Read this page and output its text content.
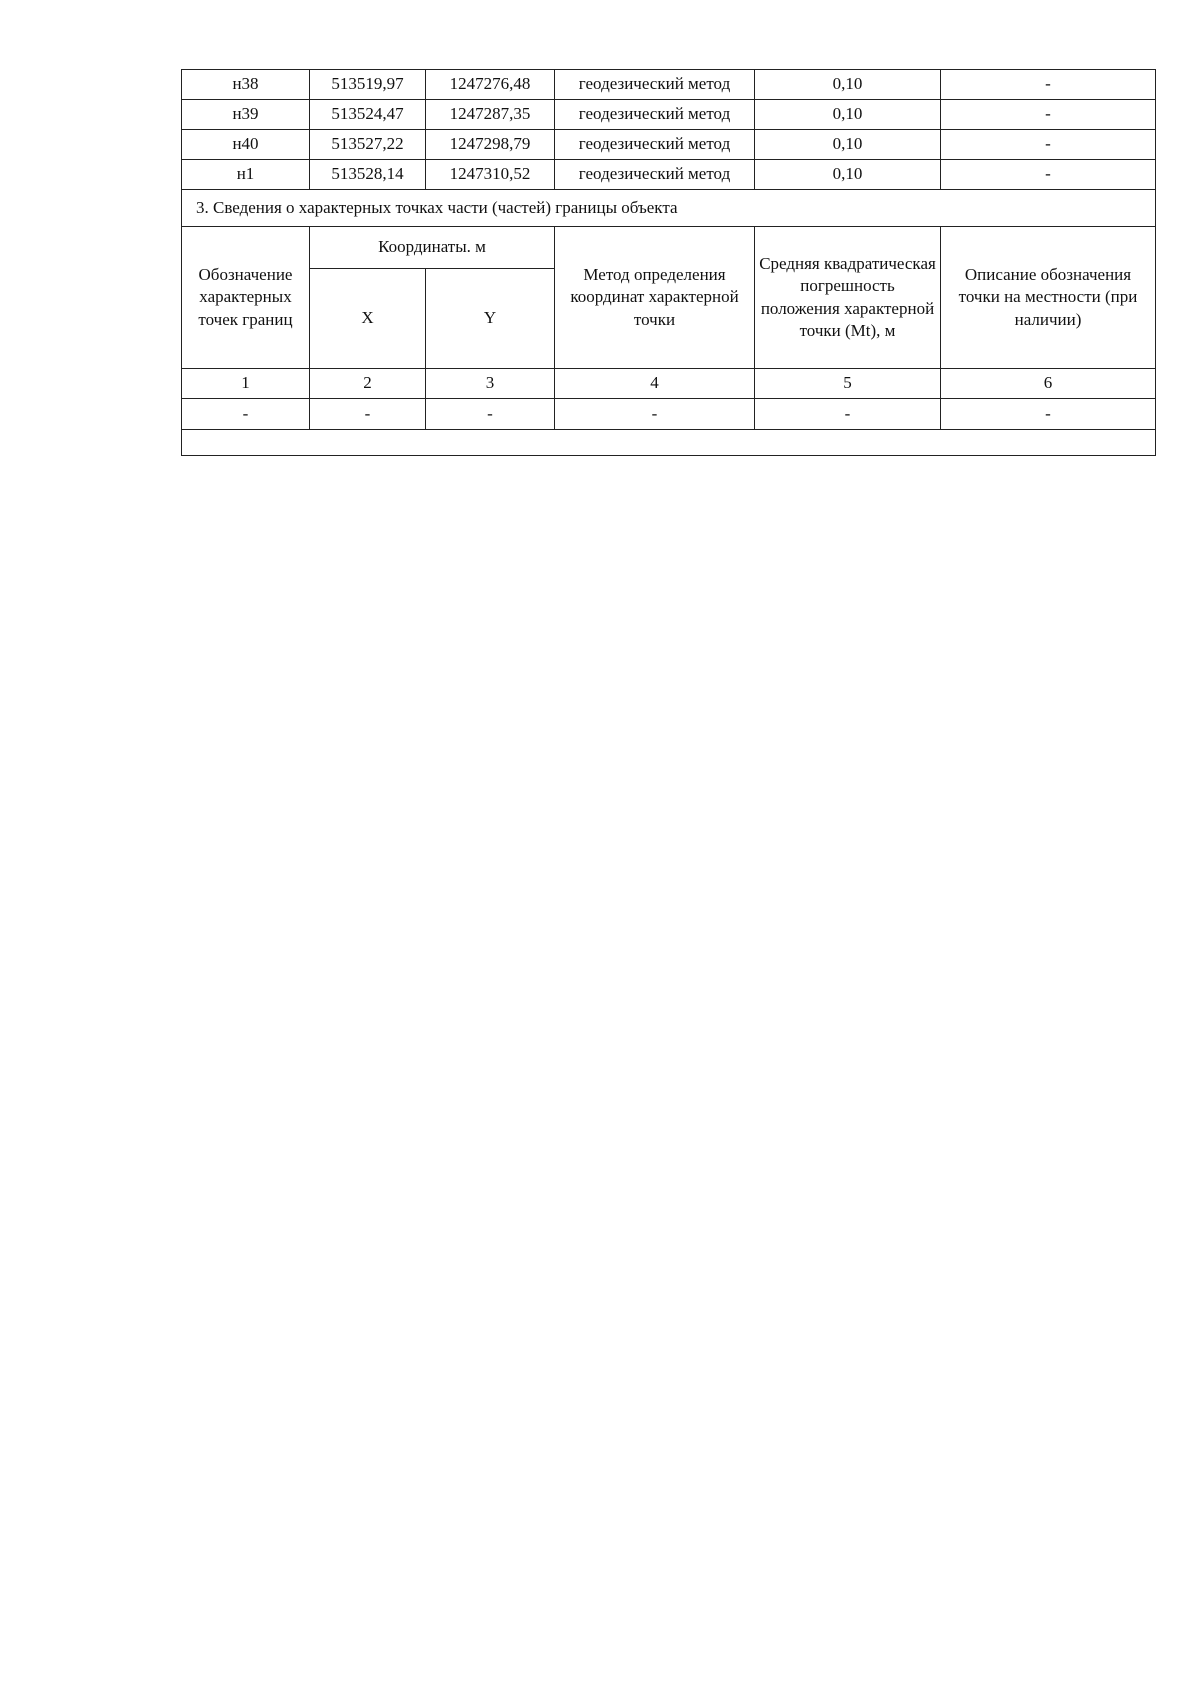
н38	513519,97	1247276,48	геодезический метод	0,10	-
н39	513524,47	1247287,35	геодезический метод	0,10	-
н40	513527,22	1247298,79	геодезический метод	0,10	-
н1	513528,14	1247310,52	геодезический метод	0,10	-
3. Сведения о характерных точках части (частей) границы объекта					
Обозначение характерных точек границ	Координаты. м		Метод определения координат характерной точки	Средняя квадратическая погрешность положения характерной точки (Mt), м	Описание обозначения точки на местности (при наличии)
	X	Y			
1	2	3	4	5	6
-	-	-	-	-	-
